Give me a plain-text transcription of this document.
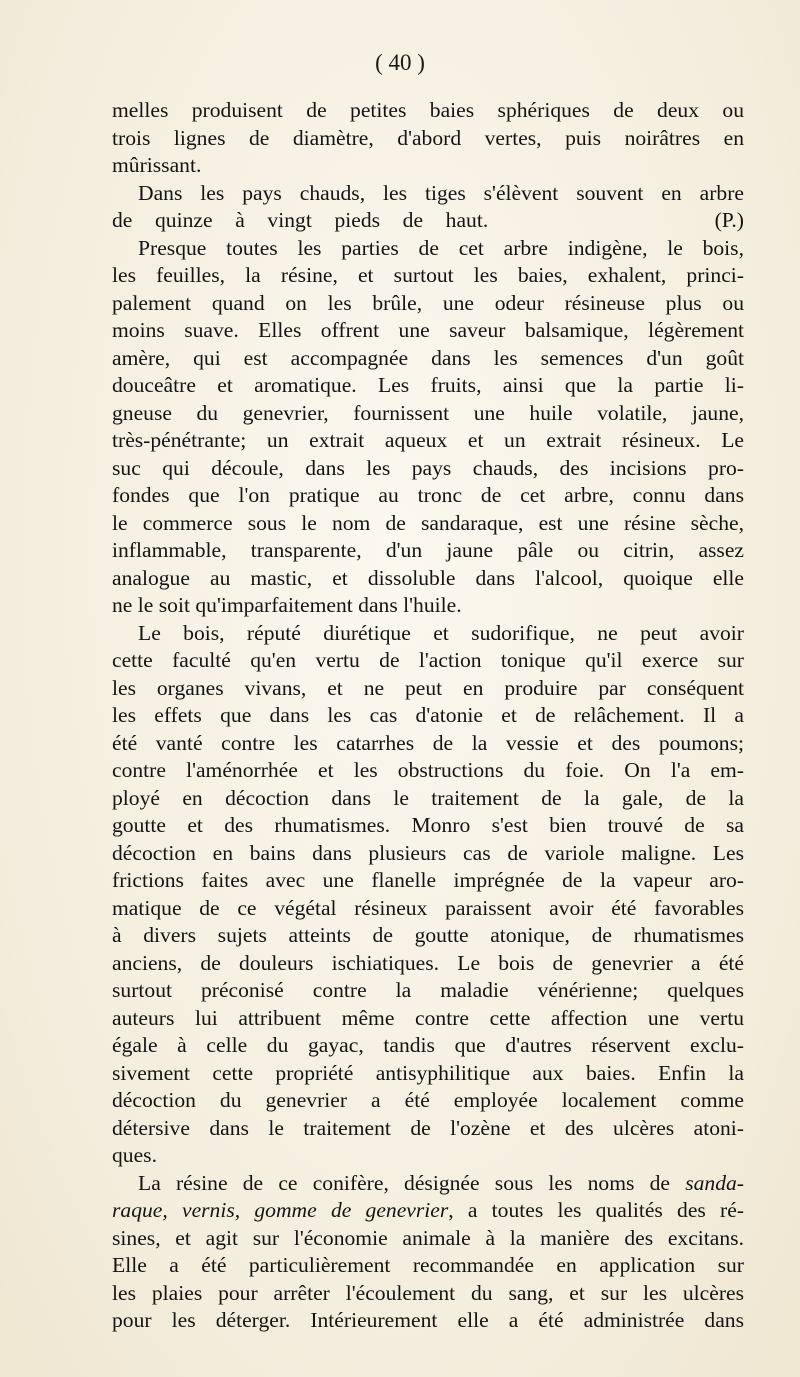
( 40 )

melles produisent de petites baies sphériques de deux ou
trois lignes de diamètre, d'abord vertes, puis noirâtres en
mûrissant.

Dans les pays chauds, les tiges s'élèvent souvent en arbre
de quinze à vingt pieds de haut.          (P.)

Presque toutes les parties de cet arbre indigène, le bois,
les feuilles, la résine, et surtout les baies, exhalent, princi-
palement quand on les brûle, une odeur résineuse plus ou
moins suave. Elles offrent une saveur balsamique, légèrement
amère, qui est accompagnée dans les semences d'un goût
douceâtre et aromatique. Les fruits, ainsi que la partie li-
gneuse du genevrier, fournissent une huile volatile, jaune,
très-pénétrante; un extrait aqueux et un extrait résineux. Le
suc qui découle, dans les pays chauds, des incisions pro-
fondes que l'on pratique au tronc de cet arbre, connu dans
le commerce sous le nom de sandaraque, est une résine sèche,
inflammable, transparente, d'un jaune pâle ou citrin, assez
analogue au mastic, et dissoluble dans l'alcool, quoique elle
ne le soit qu'imparfaitement dans l'huile.

Le bois, réputé diurétique et sudorifique, ne peut avoir
cette faculté qu'en vertu de l'action tonique qu'il exerce sur
les organes vivans, et ne peut en produire par conséquent
les effets que dans les cas d'atonie et de relâchement. Il a
été vanté contre les catarrhes de la vessie et des poumons;
contre l'aménorrhée et les obstructions du foie. On l'a em-
ployé en décoction dans le traitement de la gale, de la
goutte et des rhumatismes. Monro s'est bien trouvé de sa
décoction en bains dans plusieurs cas de variole maligne. Les
frictions faites avec une flanelle imprégnée de la vapeur aro-
matique de ce végétal résineux paraissent avoir été favorables
à divers sujets atteints de goutte atonique, de rhumatismes
anciens, de douleurs ischiatiques. Le bois de genevrier a été
surtout préconisé contre la maladie vénérienne; quelques
auteurs lui attribuent même contre cette affection une vertu
égale à celle du gayac, tandis que d'autres réservent exclu-
sivement cette propriété antisyphilitique aux baies. Enfin la
décoction du genevrier a été employée localement comme
détersive dans le traitement de l'ozène et des ulcères atoni-
ques.

La résine de ce conifère, désignée sous les noms de sanda-
raque, vernis, gomme de genevrier, a toutes les qualités des ré-
sines, et agit sur l'économie animale à la manière des excitans.
Elle a été particulièrement recommandée en application sur
les plaies pour arrêter l'écoulement du sang, et sur les ulcères
pour les déterger. Intérieurement elle a été administrée dans
